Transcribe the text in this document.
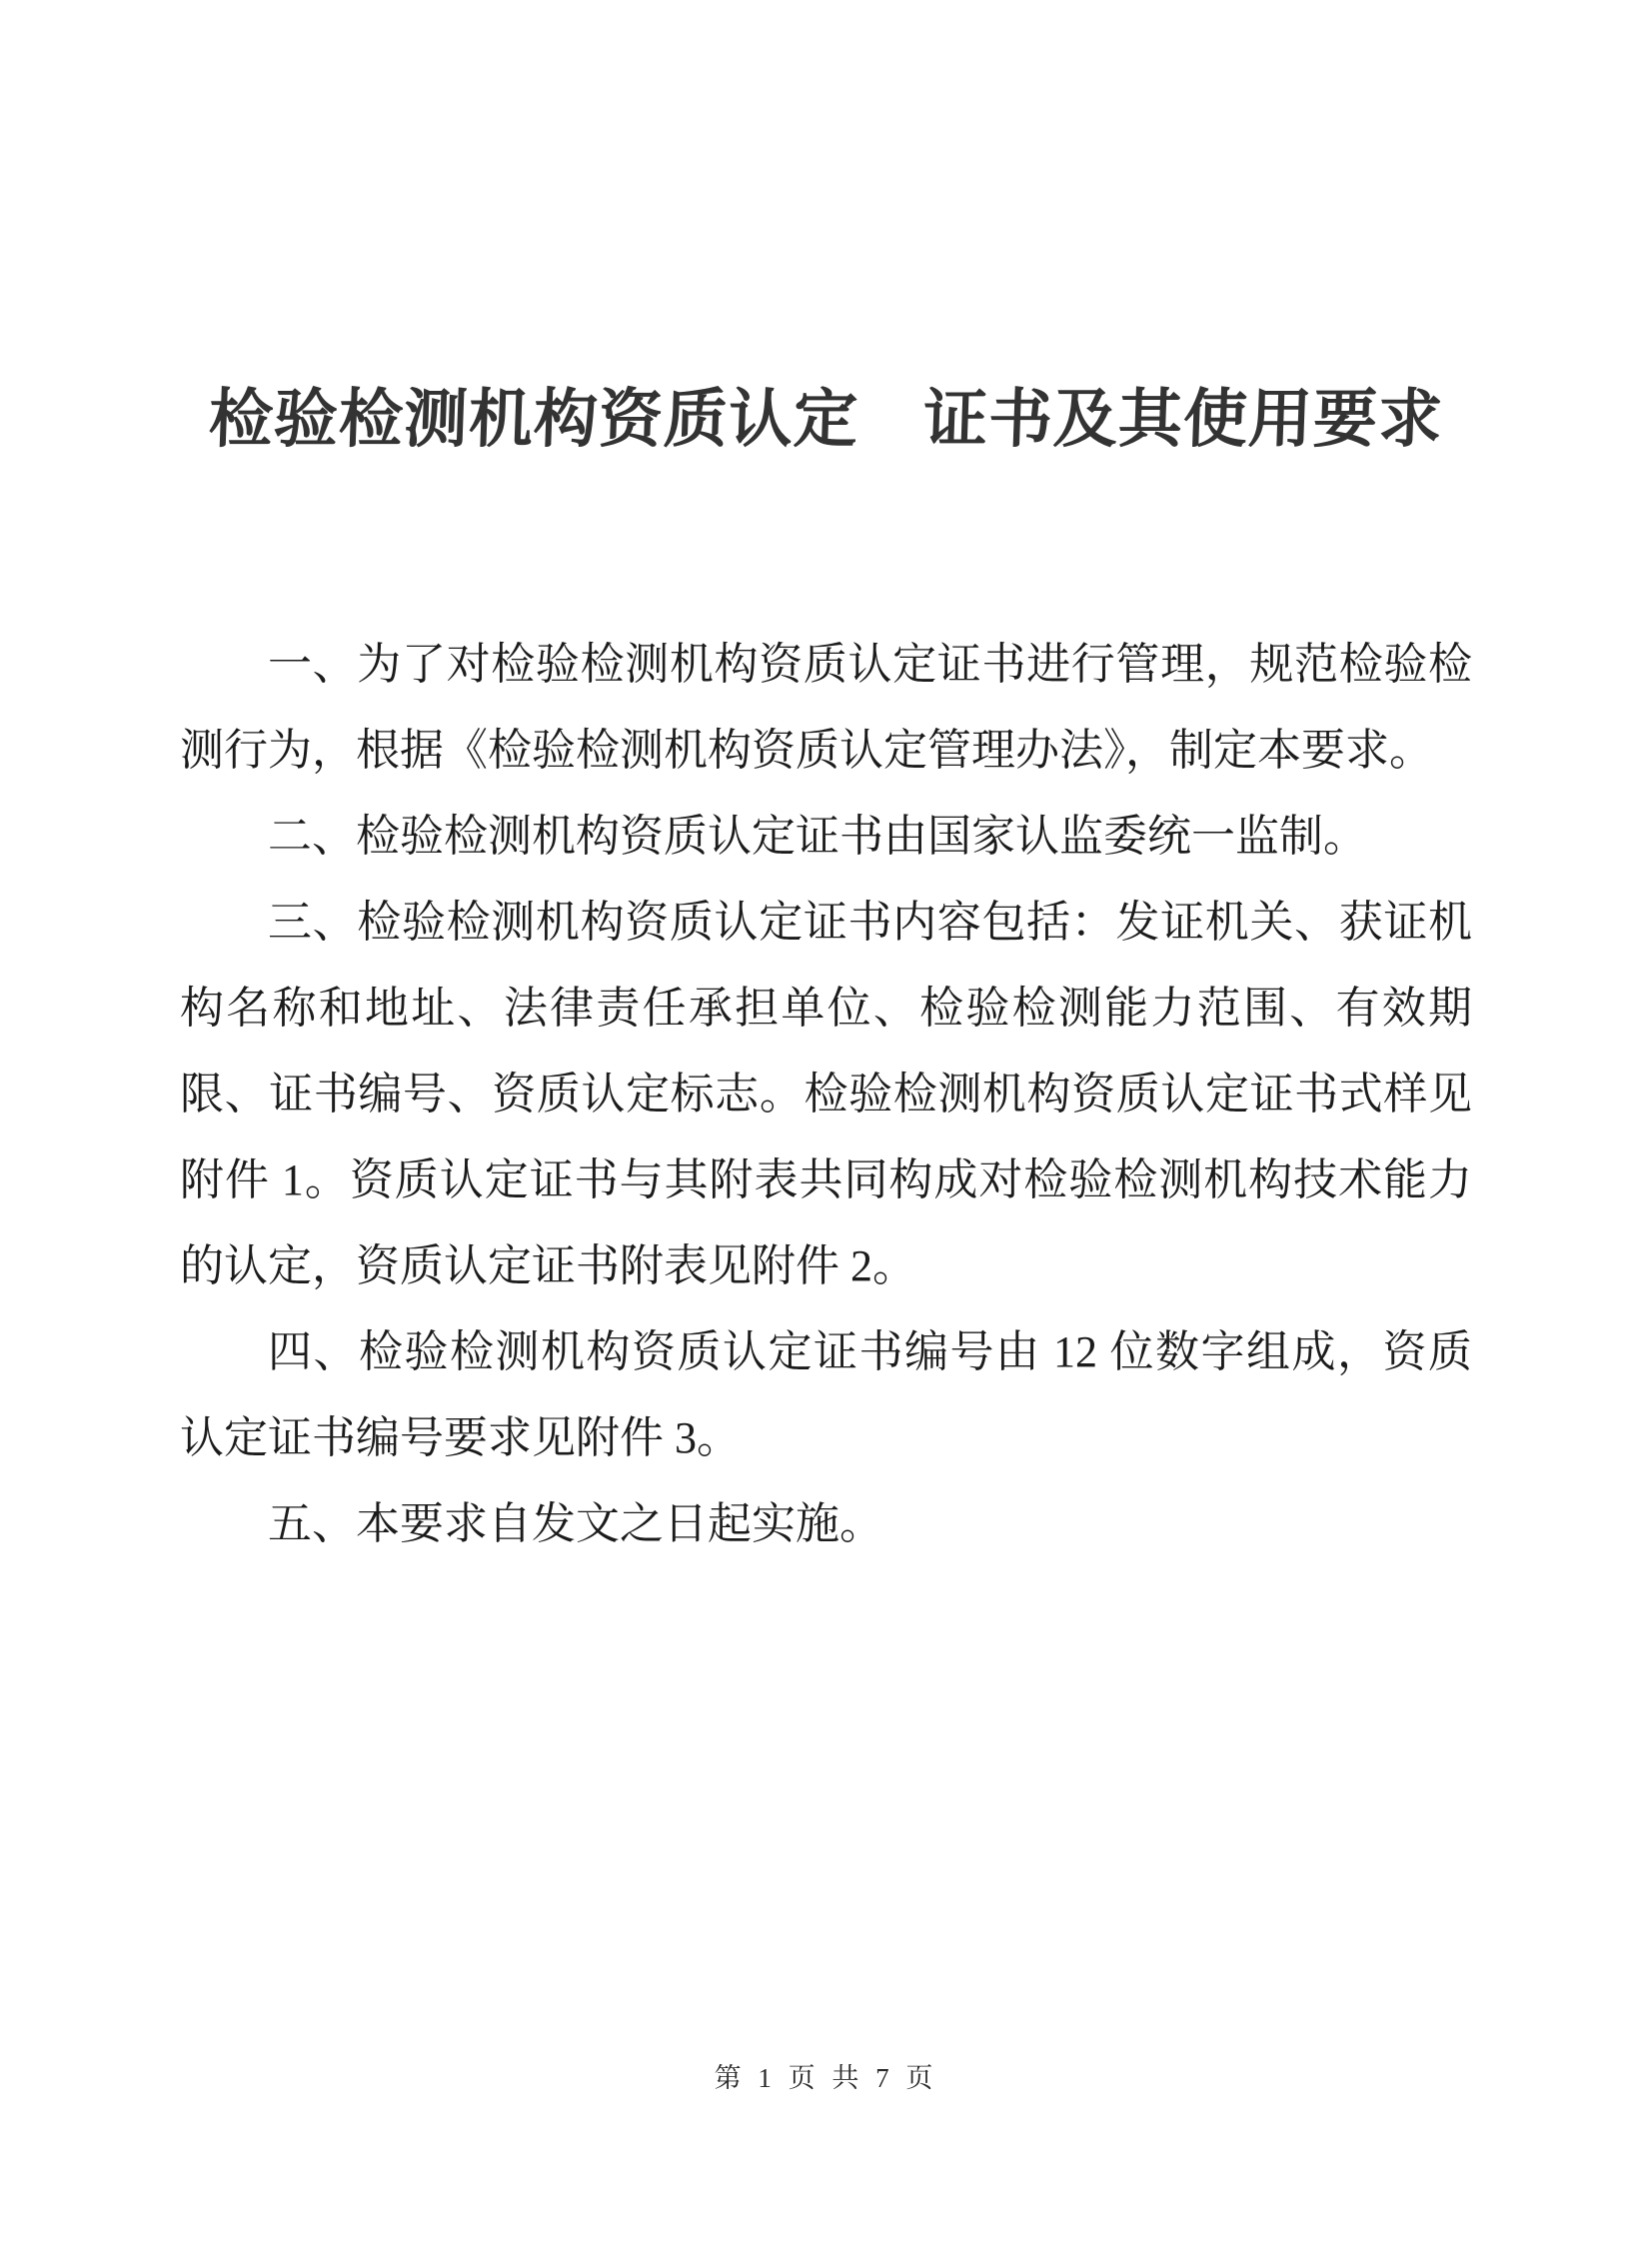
检验检测机构资质认定　证书及其使用要求

一、为了对检验检测机构资质认定证书进行管理，规范检验检测行为，根据《检验检测机构资质认定管理办法》，制定本要求。

二、检验检测机构资质认定证书由国家认监委统一监制。

三、检验检测机构资质认定证书内容包括：发证机关、获证机构名称和地址、法律责任承担单位、检验检测能力范围、有效期限、证书编号、资质认定标志。检验检测机构资质认定证书式样见附件 1。资质认定证书与其附表共同构成对检验检测机构技术能力的认定，资质认定证书附表见附件 2。

四、检验检测机构资质认定证书编号由 12 位数字组成，资质认定证书编号要求见附件 3。

五、本要求自发文之日起实施。

第 1 页 共 7 页
